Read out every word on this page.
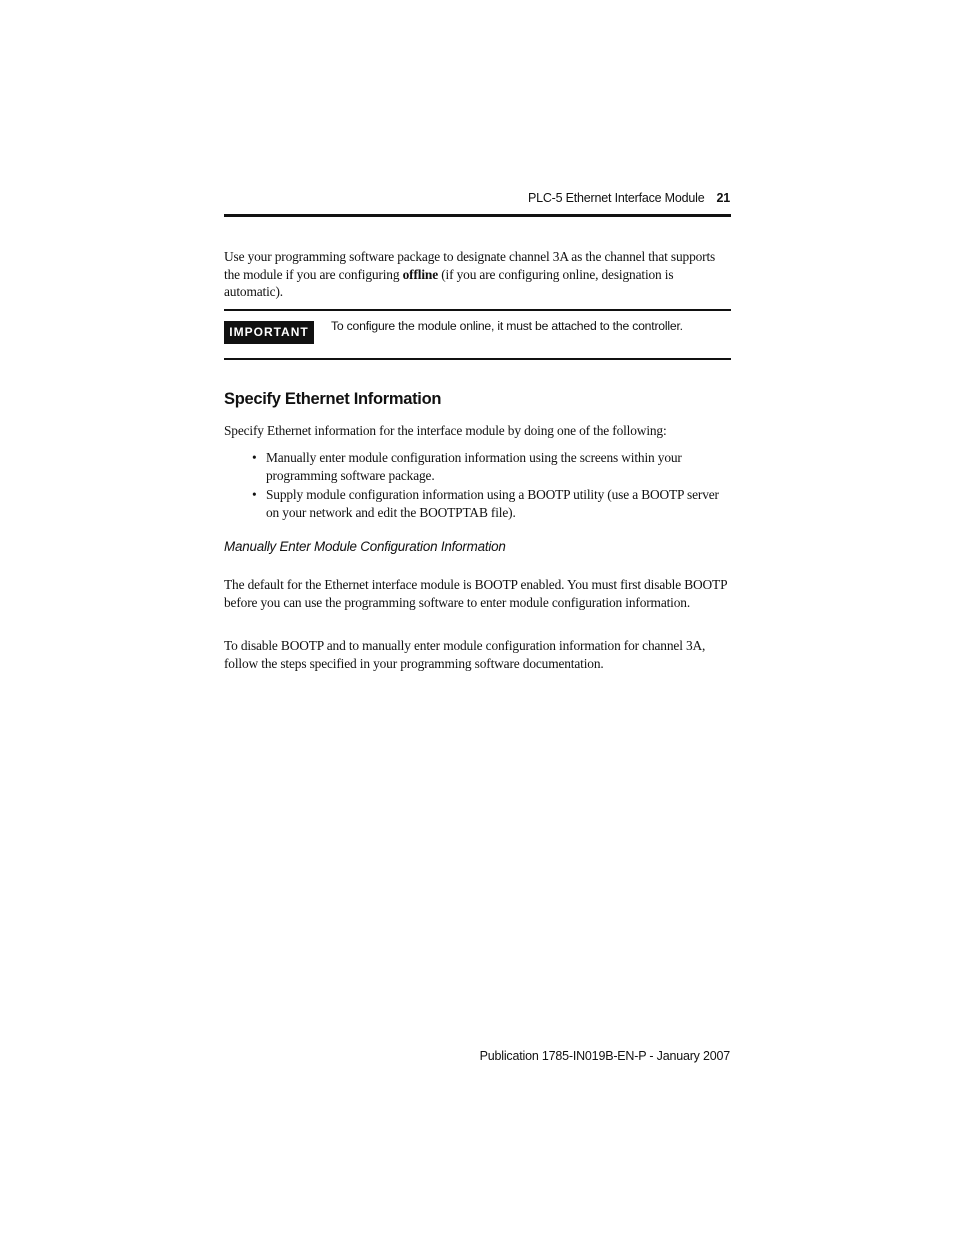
PLC-5 Ethernet Interface Module 21
Use your programming software package to designate channel 3A as the channel that supports the module if you are configuring offline (if you are configuring online, designation is automatic).
IMPORTANT	To configure the module online, it must be attached to the controller.
Specify Ethernet Information
Specify Ethernet information for the interface module by doing one of the following:
• Manually enter module configuration information using the screens within your programming software package.
• Supply module configuration information using a BOOTP utility (use a BOOTP server on your network and edit the BOOTPTAB file).
Manually Enter Module Configuration Information
The default for the Ethernet interface module is BOOTP enabled. You must first disable BOOTP before you can use the programming software to enter module configuration information.
To disable BOOTP and to manually enter module configuration information for channel 3A, follow the steps specified in your programming software documentation.
Publication 1785-IN019B-EN-P - January 2007
